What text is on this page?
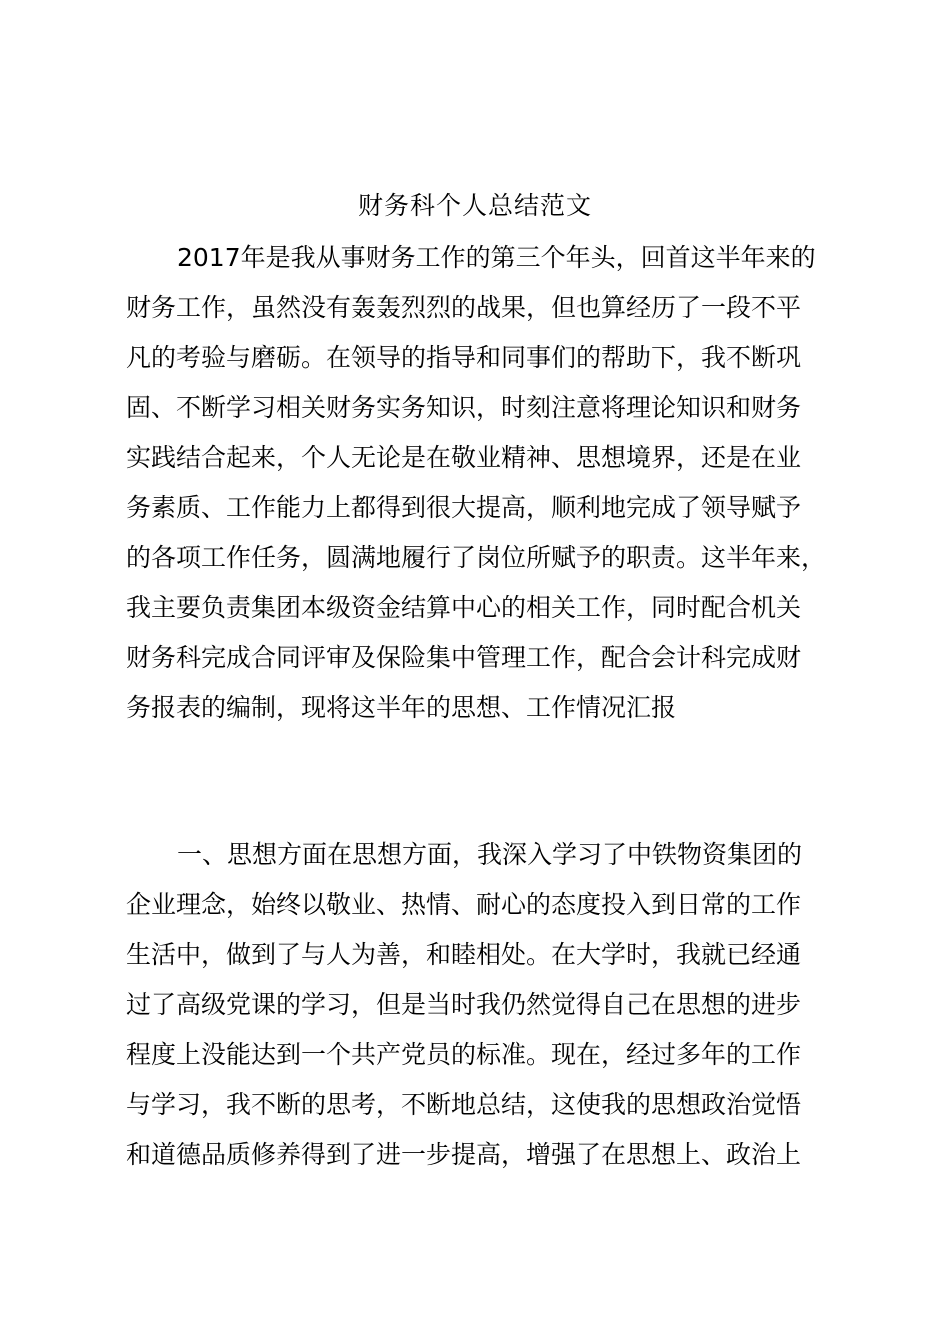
财务科个人总结范文
2017年是我从事财务工作的第三个年头，回首这半年来的
财务工作，虽然没有轰轰烈烈的战果，但也算经历了一段不平
凡的考验与磨砺。在领导的指导和同事们的帮助下，我不断巩
固、不断学习相关财务实务知识，时刻注意将理论知识和财务
实践结合起来，个人无论是在敬业精神、思想境界，还是在业
务素质、工作能力上都得到很大提高，顺利地完成了领导赋予
的各项工作任务，圆满地履行了岗位所赋予的职责。这半年来，
我主要负责集团本级资金结算中心的相关工作，同时配合机关
财务科完成合同评审及保险集中管理工作，配合会计科完成财
务报表的编制，现将这半年的思想、工作情况汇报
一、思想方面在思想方面，我深入学习了中铁物资集团的
企业理念，始终以敬业、热情、耐心的态度投入到日常的工作
生活中，做到了与人为善，和睦相处。在大学时，我就已经通
过了高级党课的学习，但是当时我仍然觉得自己在思想的进步
程度上没能达到一个共产党员的标准。现在，经过多年的工作
与学习，我不断的思考，不断地总结，这使我的思想政治觉悟
和道德品质修养得到了进一步提高，增强了在思想上、政治上
